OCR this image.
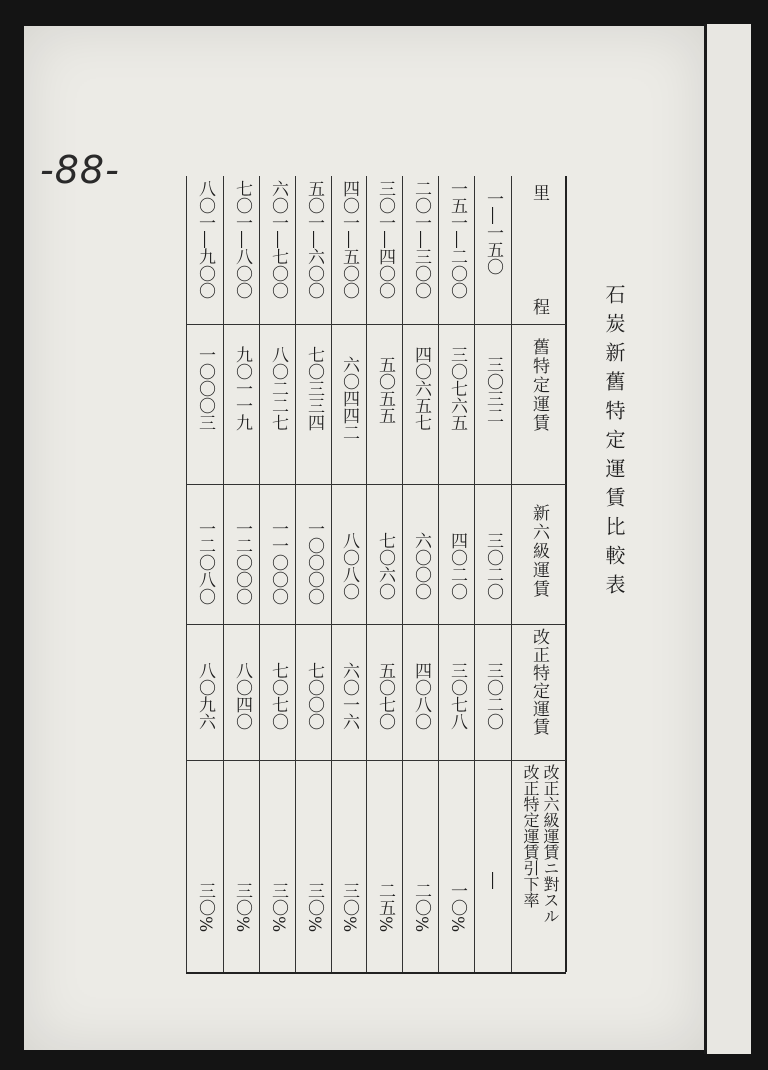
-88-
石炭新舊特定運賃比較表
里
程
舊特定運賃
新六級運賃
改正特定運賃
改正六級運賃ニ對スル
改正特定運賃引下率
一―一五〇
三〇三二
三〇二〇
三〇二〇
―
一五一―二〇〇
三〇七六五
四〇二〇
三〇七八
一〇%
二〇一―三〇〇
四〇六五七
六〇〇〇
四〇八〇
二〇%
三〇一―四〇〇
五〇五五
七〇六〇
五〇七〇
二五%
四〇一―五〇〇
六〇四四二
八〇八〇
六〇一六
三〇%
五〇一―六〇〇
七〇三三四
一〇〇〇〇
七〇〇〇
三〇%
六〇一―七〇〇
八〇二二七
一一〇〇〇
七〇七〇
三〇%
七〇一―八〇〇
九〇一一九
一二〇〇〇
八〇四〇
三〇%
八〇一―九〇〇
一〇〇〇三
一二〇八〇
八〇九六
三〇%
